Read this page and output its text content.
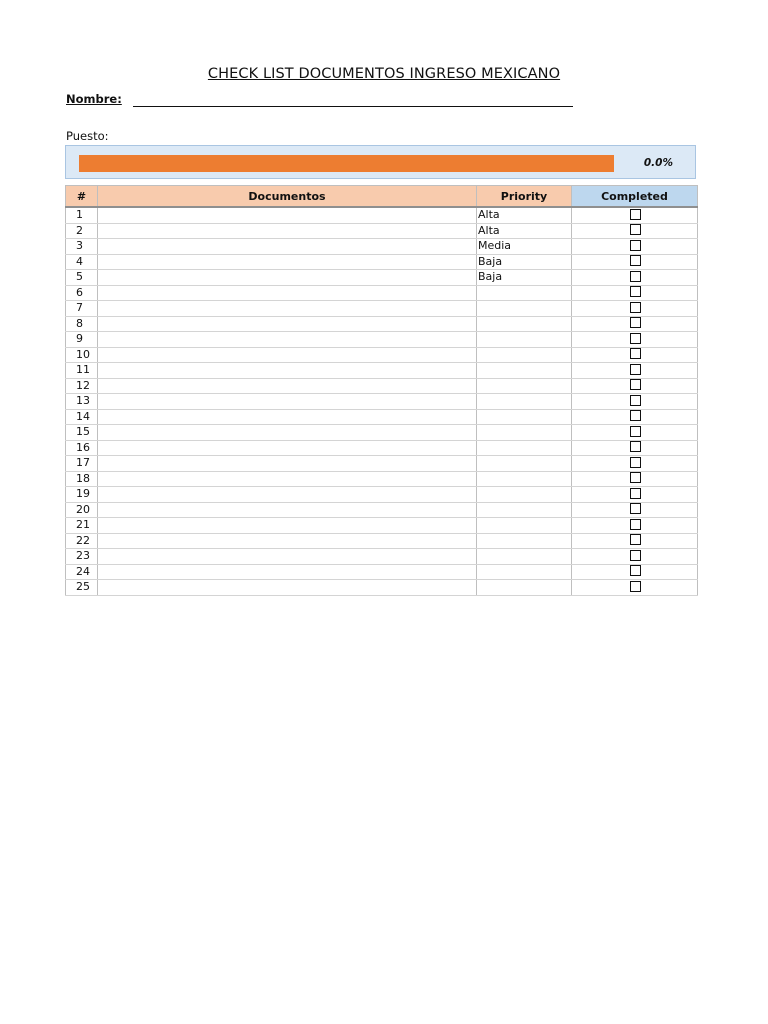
CHECK LIST DOCUMENTOS INGRESO MEXICANO
Nombre:
Puesto:
0.0%
#	Documentos	Priority	Completed
1		Alta	
2		Alta	
3		Media	
4		Baja	
5		Baja	
6			
7			
8			
9			
10			
11			
12			
13			
14			
15			
16			
17			
18			
19			
20			
21			
22			
23			
24			
25			
